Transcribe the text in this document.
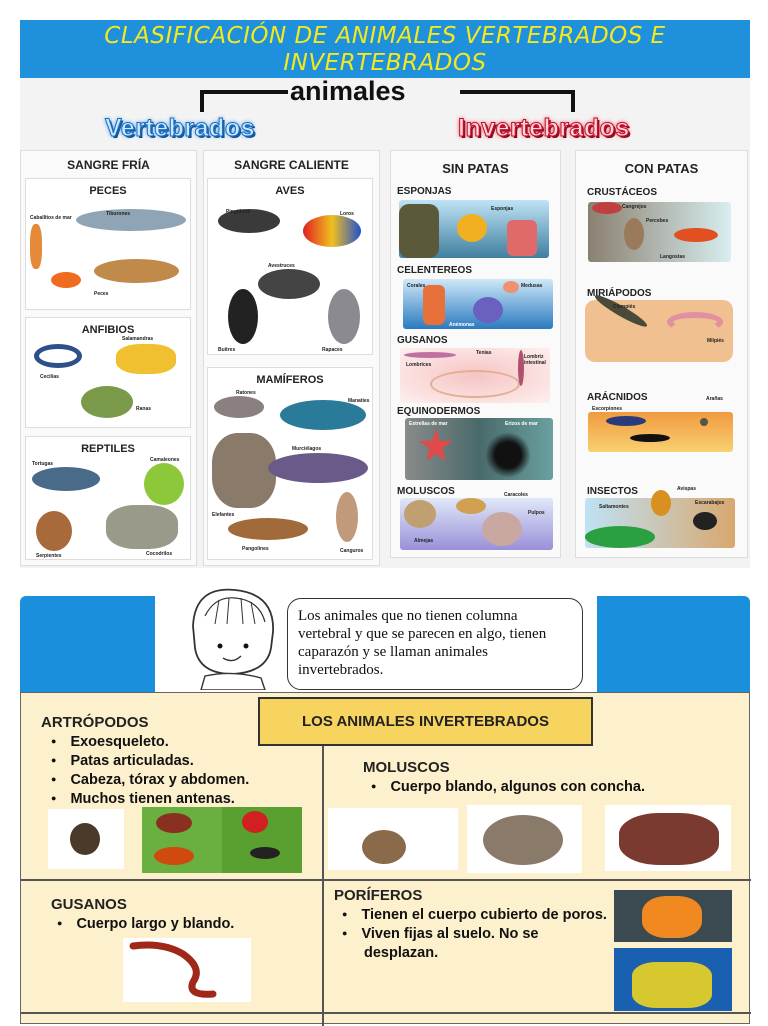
CLASIFICACIÓN DE ANIMALES VERTEBRADOS E INVERTEBRADOS
animales
Vertebrados	Invertebrados
SANGRE FRÍA
PECES
Caballitos de mar
Tiburones
Peces
ANFIBIOS
Cecilias
Salamandras
Ranas
REPTILES
Tortugas
Camaleones
Serpientes	Cocodrilos
SANGRE CALIENTE
AVES
Pingüinos	Loros
Avestruces
Buitres	Rapaces
MAMÍFEROS
Ratones
Manatíes
Elefantes
Murciélagos
Pangolines	Canguros
SIN PATAS
ESPONJAS
Esponjas
CELENTEREOS
Corales	Medusas
Anémonas
GUSANOS
Tenias
Lombrices
Lombriz intestinal
EQUINODERMOS
Estrellas de mar	Erizos de mar
MOLUSCOS	Caracoles
Pulpos
Almejas
CON PATAS
CRUSTÁCEOS
Cangrejos
Percebes
Langostas
MIRIÁPODOS
Ciempiés
Milpiés
ARÁCNIDOS
Escorpiones
Arañas
INSECTOS
Saltamontes
Avispas
Escarabajos
Los animales que no tienen columna vertebral y que se parecen en algo, tienen caparazón y se llaman animales invertebrados.
ARTRÓPODOS
● Exoesqueleto.
● Patas articuladas.
● Cabeza, tórax y abdomen.
● Muchos tienen antenas.
MOLUSCOS
● Cuerpo blando, algunos con concha.
GUSANOS
● Cuerpo largo y blando.
PORÍFEROS
● Tienen el cuerpo cubierto de poros.
● Viven fijas al suelo. No se desplazan.
LOS ANIMALES INVERTEBRADOS
